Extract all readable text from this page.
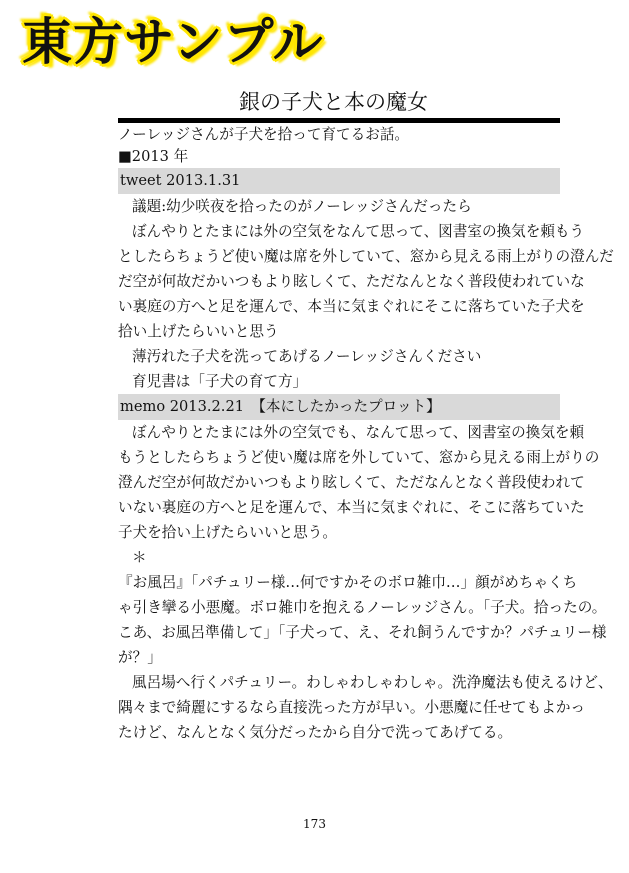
東方サンプル
銀の子犬と本の魔女

ノーレッジさんが子犬を拾って育てるお話。

■2013 年

tweet 2013.1.31

議題:幼少咲夜を拾ったのがノーレッジさんだったら

ぼんやりとたまには外の空気をなんて思って、図書室の換気を頼もう

としたらちょうど使い魔は席を外していて、窓から見える雨上がりの澄んだ

だ空が何故だかいつもより眩しくて、ただなんとなく普段使われていな

い裏庭の方へと足を運んで、本当に気まぐれにそこに落ちていた子犬を

拾い上げたらいいと思う

薄汚れた子犬を洗ってあげるノーレッジさんください

育児書は「子犬の育て方」

memo 2013.2.21　【本にしたかったプロット】

ぼんやりとたまには外の空気でも、なんて思って、図書室の換気を頼

もうとしたらちょうど使い魔は席を外していて、窓から見える雨上がりの

澄んだ空が何故だかいつもより眩しくて、ただなんとなく普段使われて

いない裏庭の方へと足を運んで、本当に気まぐれに、そこに落ちていた

子犬を拾い上げたらいいと思う。

＊

『お風呂』「パチュリー様…何ですかそのボロ雑巾…」顔がめちゃくち

ゃ引き攣る小悪魔。ボロ雑巾を抱えるノーレッジさん。「子犬。拾ったの。

こあ、お風呂準備して」「子犬って、え、それ飼うんですか？パチュリー様

が？」

風呂場へ行くパチュリー。わしゃわしゃわしゃ。洗浄魔法も使えるけど、

隅々まで綺麗にするなら直接洗った方が早い。小悪魔に任せてもよかっ

たけど、なんとなく気分だったから自分で洗ってあげてる。

173
